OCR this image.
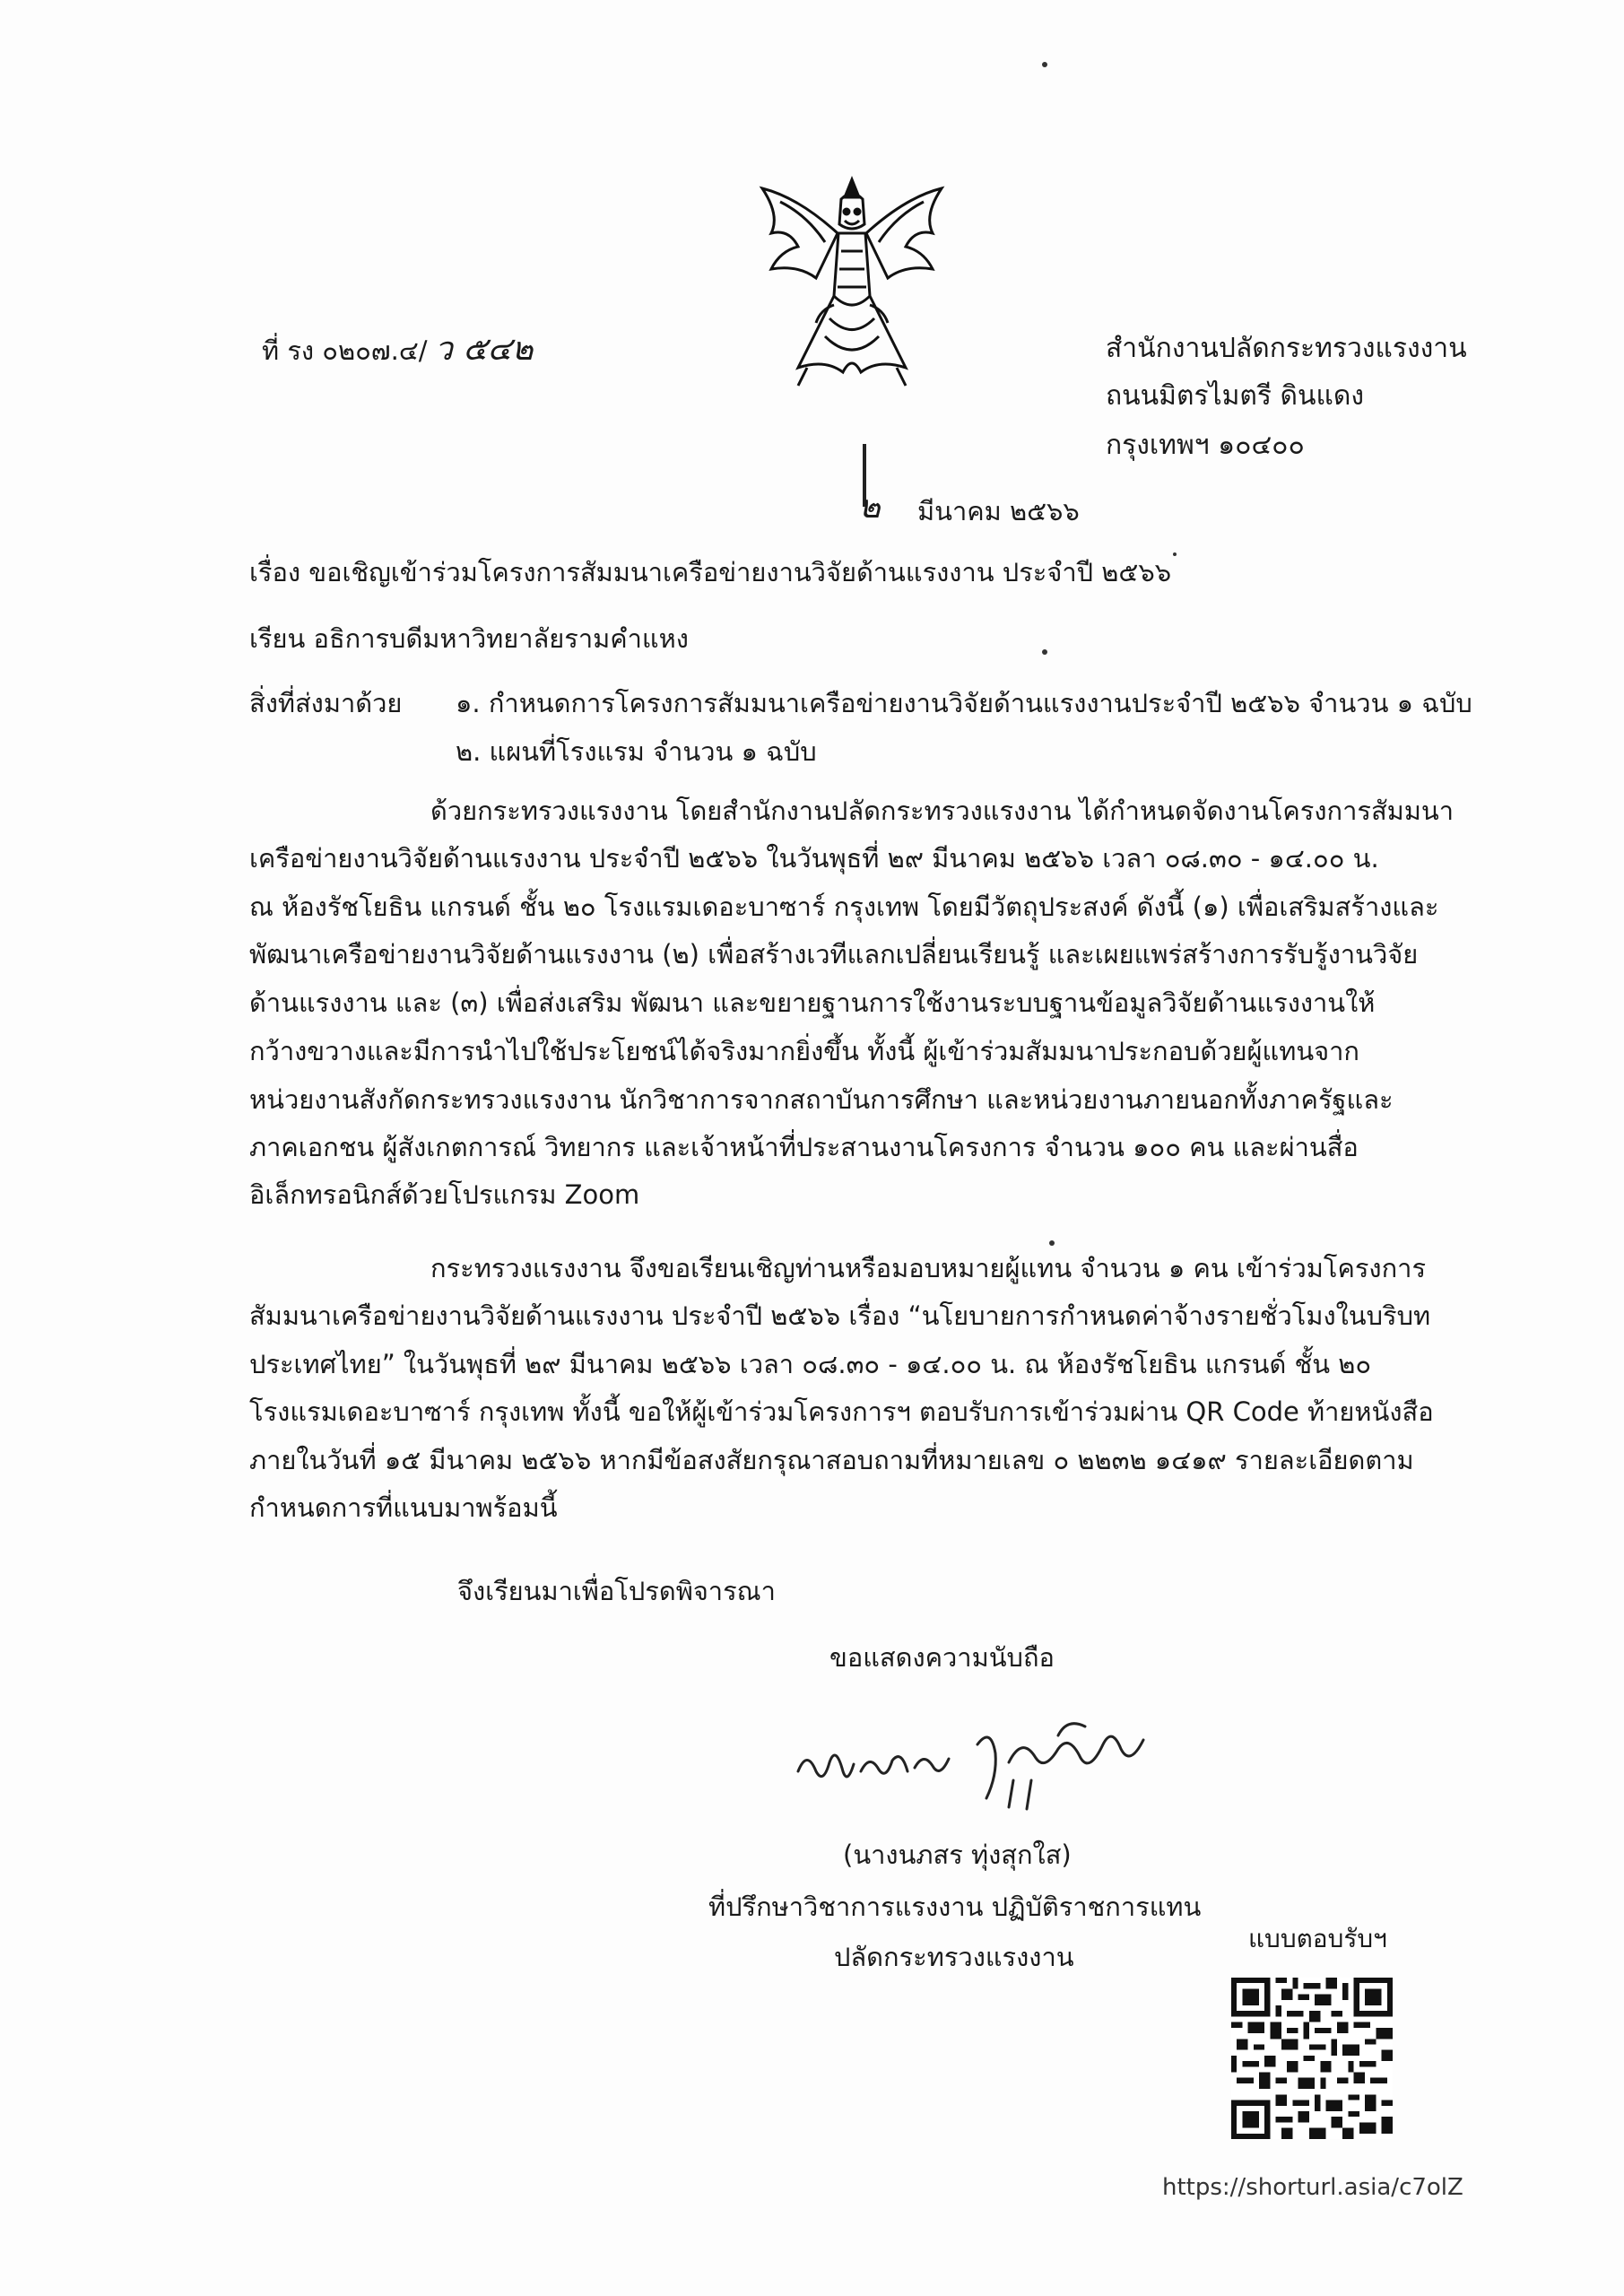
ที่ รง ๐๒๐๗.๔/ ว ๕๔๒	สำนักงานปลัดกระทรวงแรงงาน
ถนนมิตรไมตรี ดินแดง
กรุงเทพฯ ๑๐๔๐๐
๒ มีนาคม ๒๕๖๖
เรื่อง ขอเชิญเข้าร่วมโครงการสัมมนาเครือข่ายงานวิจัยด้านแรงงาน ประจำปี ๒๕๖๖
เรียน อธิการบดีมหาวิทยาลัยรามคำแหง
สิ่งที่ส่งมาด้วย ๑. กำหนดการโครงการสัมมนาเครือข่ายงานวิจัยด้านแรงงานประจำปี ๒๕๖๖ จำนวน ๑ ฉบับ
๒. แผนที่โรงแรม จำนวน ๑ ฉบับ
ด้วยกระทรวงแรงงาน โดยสำนักงานปลัดกระทรวงแรงงาน ได้กำหนดจัดงานโครงการสัมมนา
เครือข่ายงานวิจัยด้านแรงงาน ประจำปี ๒๕๖๖ ในวันพุธที่ ๒๙ มีนาคม ๒๕๖๖ เวลา ๐๘.๓๐ - ๑๔.๐๐ น.
ณ ห้องรัชโยธิน แกรนด์ ชั้น ๒๐ โรงแรมเดอะบาซาร์ กรุงเทพ โดยมีวัตถุประสงค์ ดังนี้ (๑) เพื่อเสริมสร้างและ
พัฒนาเครือข่ายงานวิจัยด้านแรงงาน (๒) เพื่อสร้างเวทีแลกเปลี่ยนเรียนรู้ และเผยแพร่สร้างการรับรู้งานวิจัย
ด้านแรงงาน และ (๓) เพื่อส่งเสริม พัฒนา และขยายฐานการใช้งานระบบฐานข้อมูลวิจัยด้านแรงงานให้
กว้างขวางและมีการนำไปใช้ประโยชน์ได้จริงมากยิ่งขึ้น ทั้งนี้ ผู้เข้าร่วมสัมมนาประกอบด้วยผู้แทนจาก
หน่วยงานสังกัดกระทรวงแรงงาน นักวิชาการจากสถาบันการศึกษา และหน่วยงานภายนอกทั้งภาครัฐและ
ภาคเอกชน ผู้สังเกตการณ์ วิทยากร และเจ้าหน้าที่ประสานงานโครงการ จำนวน ๑๐๐ คน และผ่านสื่อ
อิเล็กทรอนิกส์ด้วยโปรแกรม Zoom
กระทรวงแรงงาน จึงขอเรียนเชิญท่านหรือมอบหมายผู้แทน จำนวน ๑ คน เข้าร่วมโครงการ
สัมมนาเครือข่ายงานวิจัยด้านแรงงาน ประจำปี ๒๕๖๖ เรื่อง “นโยบายการกำหนดค่าจ้างรายชั่วโมงในบริบท
ประเทศไทย” ในวันพุธที่ ๒๙ มีนาคม ๒๕๖๖ เวลา ๐๘.๓๐ - ๑๔.๐๐ น. ณ ห้องรัชโยธิน แกรนด์ ชั้น ๒๐
โรงแรมเดอะบาซาร์ กรุงเทพ ทั้งนี้ ขอให้ผู้เข้าร่วมโครงการฯ ตอบรับการเข้าร่วมผ่าน QR Code ท้ายหนังสือ
ภายในวันที่ ๑๕ มีนาคม ๒๕๖๖ หากมีข้อสงสัยกรุณาสอบถามที่หมายเลข ๐ ๒๒๓๒ ๑๔๑๙ รายละเอียดตาม
กำหนดการที่แนบมาพร้อมนี้
จึงเรียนมาเพื่อโปรดพิจารณา
ขอแสดงความนับถือ
(นางนภสร ทุ่งสุกใส)
ที่ปรึกษาวิชาการแรงงาน ปฏิบัติราชการแทน
ปลัดกระทรวงแรงงาน
แบบตอบรับฯ
https://shorturl.asia/c7olZ
